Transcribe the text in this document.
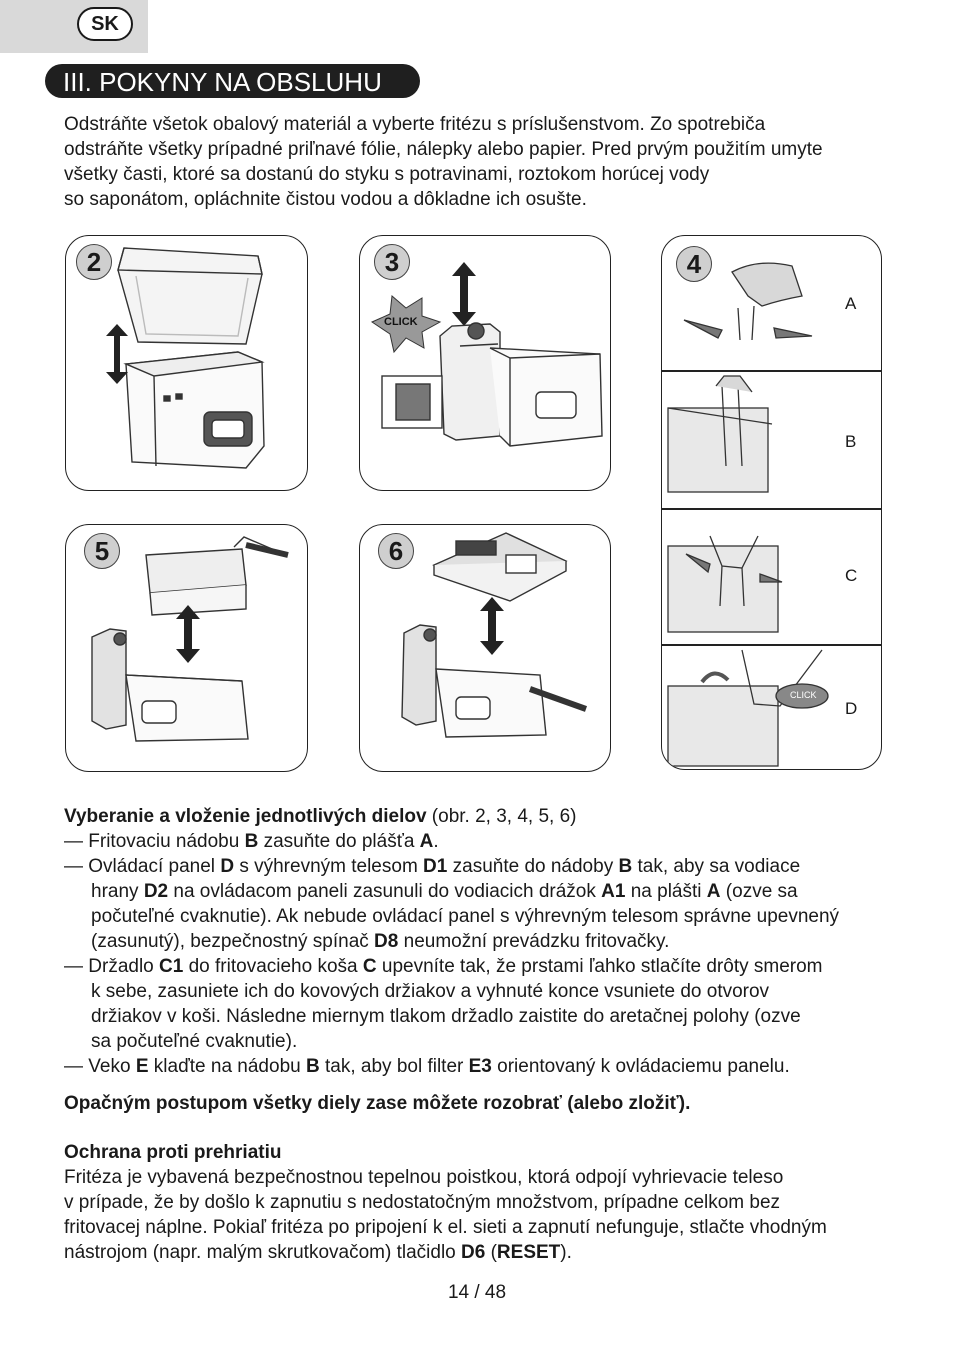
SK
III. POKYNY NA OBSLUHU

Odstráňte všetok obalový materiál a vyberte fritézu s príslušenstvom. Zo spotrebiča

odstráňte všetky prípadné priľnavé fólie, nálepky alebo papier. Pred prvým použitím umyte

všetky časti, ktoré sa dostanú do styku s potravinami, roztokom horúcej vody

so saponátom, opláchnite čistou vodou a dôkladne ich osušte.

2	3
CLICK
4
A
B
C
D
CLICK
5	6

Vyberanie a vloženie jednotlivých dielov (obr. 2, 3, 4, 5, 6)

— Fritovaciu nádobu B zasuňte do plášťa A.

— Ovládací panel D s výhrevným telesom D1 zasuňte do nádoby B tak, aby sa vodiace
hrany D2 na ovládacom paneli zasunuli do vodiacich drážok A1 na plášti A (ozve sa
počuteľné cvaknutie). Ak nebude ovládací panel s výhrevným telesom správne upevnený
(zasunutý), bezpečnostný spínač D8 neumožní prevádzku fritovačky.

— Držadlo C1 do fritovacieho koša C upevníte tak, že prstami ľahko stlačíte drôty smerom
k sebe, zasuniete ich do kovových držiakov a vyhnuté konce vsuniete do otvorov
držiakov v koši. Následne miernym tlakom držadlo zaistite do aretačnej polohy (ozve
sa počuteľné cvaknutie).

— Veko E klaďte na nádobu B tak, aby bol filter E3 orientovaný k ovládaciemu panelu.

Opačným postupom všetky diely zase môžete rozobrať (alebo zložiť).

Ochrana proti prehriatiu

Fritéza je vybavená bezpečnostnou tepelnou poistkou, ktorá odpojí vyhrievacie teleso

v prípade, že by došlo k zapnutiu s nedostatočným množstvom, prípadne celkom bez

fritovacej náplne. Pokiaľ fritéza po pripojení k el. sieti a zapnutí nefunguje, stlačte vhodným

nástrojom (napr. malým skrutkovačom) tlačidlo D6 (RESET).

14 / 48
